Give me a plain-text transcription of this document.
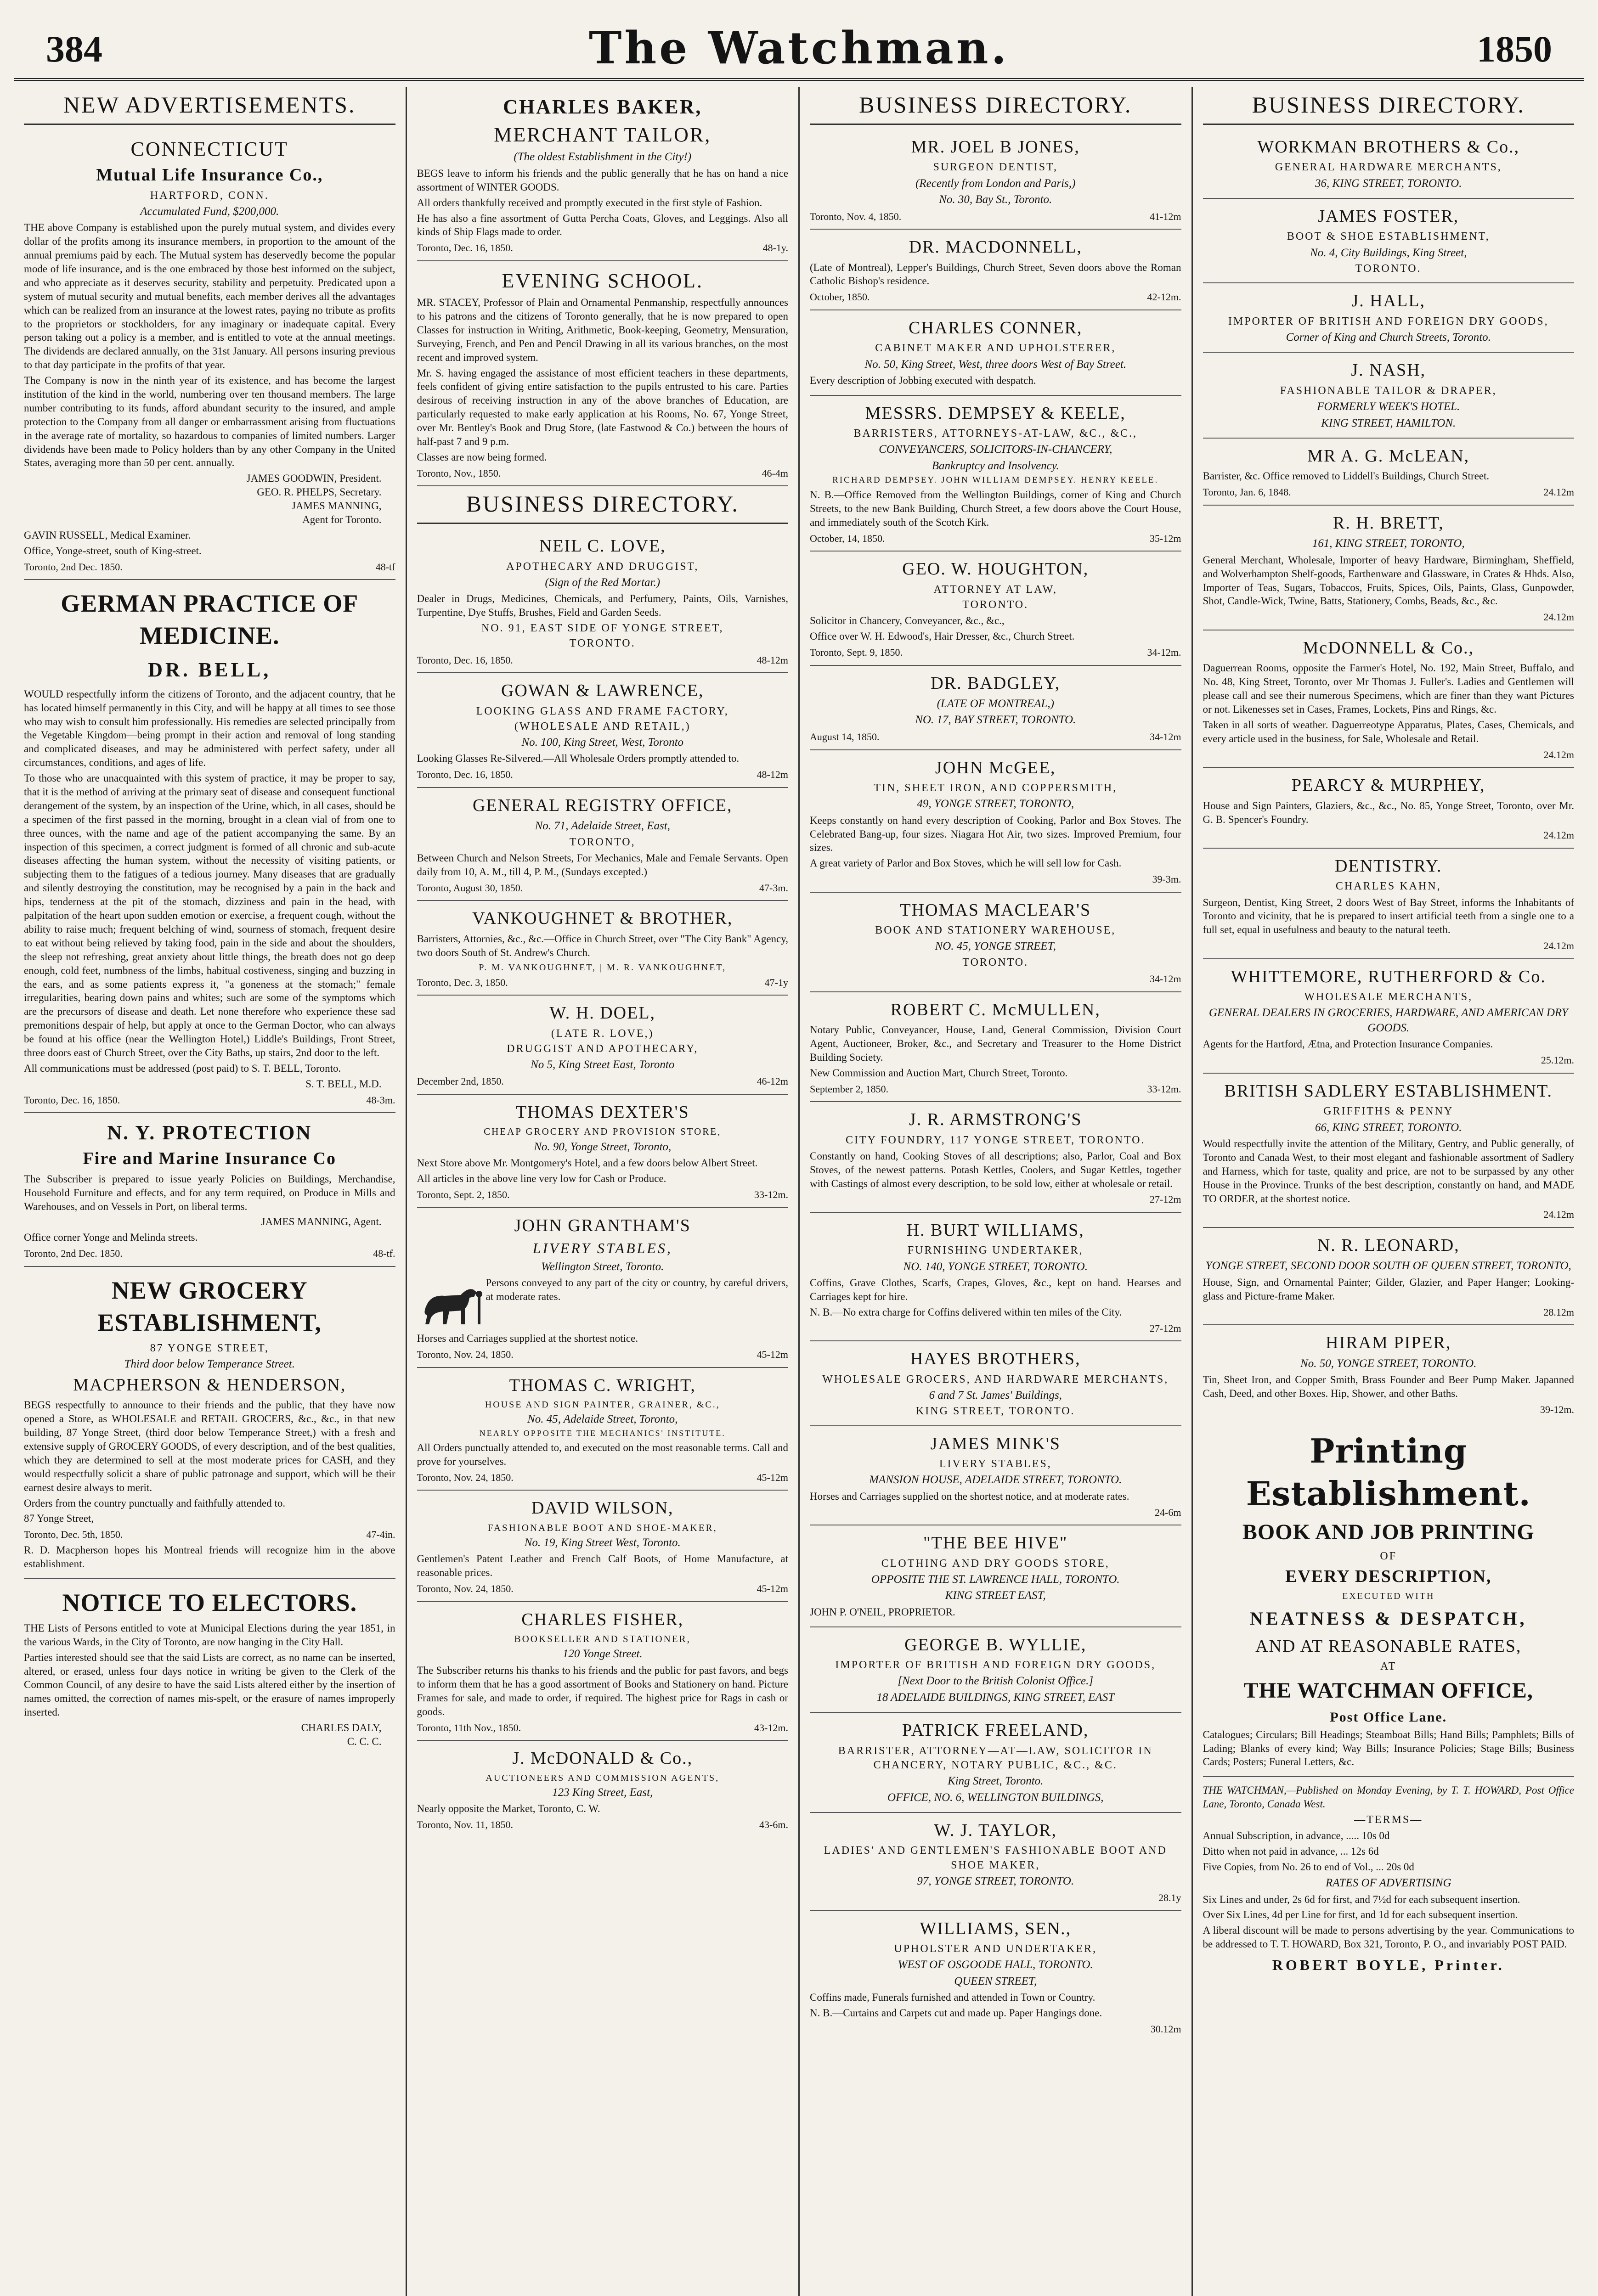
384	The Watchman.	1850
NEW ADVERTISEMENTS.
CONNECTICUT
Mutual Life Insurance Co.,
HARTFORD, CONN.
Accumulated Fund, $200,000.
THE above Company is established upon the purely mutual system, and divides every dollar of the profits among its insurance members, in proportion to the amount of the annual premiums paid by each. The Mutual system has deservedly become the popular mode of life insurance, and is the one embraced by those best informed on the subject, and who appreciate as it deserves security, stability and perpetuity. Predicated upon a system of mutual security and mutual benefits, each member derives all the advantages which can be realized from an insurance at the lowest rates, paying no tribute as profits to the proprietors or stockholders, for any imaginary or inadequate capital. Every person taking out a policy is a member, and is entitled to vote at the annual meetings. The dividends are declared annually, on the 31st January. All persons insuring previous to that day participate in the profits of that year.
The Company is now in the ninth year of its existence, and has become the largest institution of the kind in the world, numbering over ten thousand members. The large number contributing to its funds, afford abundant security to the insured, and ample protection to the Company from all danger or embarrassment arising from fluctuations in the average rate of mortality, so hazardous to companies of limited numbers. Larger dividends have been made to Policy holders than by any other Company in the United States, averaging more than 50 per cent. annually.
JAMES GOODWIN, President.
GEO. R. PHELPS, Secretary.
JAMES MANNING,
Agent for Toronto.
GAVIN RUSSELL, Medical Examiner.
Office, Yonge-street, south of King-street.
Toronto, 2nd Dec. 1850.	48-tf
GERMAN PRACTICE OF MEDICINE.
DR. BELL,
WOULD respectfully inform the citizens of Toronto, and the adjacent country, that he has located himself permanently in this City, and will be happy at all times to see those who may wish to consult him professionally. His remedies are selected principally from the Vegetable Kingdom—being prompt in their action and removal of long standing and complicated diseases, and may be administered with perfect safety, under all circumstances, conditions, and ages of life.
To those who are unacquainted with this system of practice, it may be proper to say, that it is the method of arriving at the primary seat of disease and consequent functional derangement of the system, by an inspection of the Urine, which, in all cases, should be a specimen of the first passed in the morning, brought in a clean vial of from one to three ounces, with the name and age of the patient accompanying the same. By an inspection of this specimen, a correct judgment is formed of all chronic and sub-acute diseases affecting the human system, without the necessity of visiting patients, or subjecting them to the fatigues of a tedious journey. Many diseases that are gradually and silently destroying the constitution, may be recognised by a pain in the back and hips, tenderness at the pit of the stomach, dizziness and pain in the head, with palpitation of the heart upon sudden emotion or exercise, a frequent cough, without the ability to raise much; frequent belching of wind, sourness of stomach, frequent desire to eat without being relieved by taking food, pain in the side and about the shoulders, the sleep not refreshing, great anxiety about little things, the breath does not go deep enough, cold feet, numbness of the limbs, habitual costiveness, singing and buzzing in the ears, and as some patients express it, "a goneness at the stomach;" female irregularities, bearing down pains and whites; such are some of the symptoms which are the precursors of disease and death. Let none therefore who experience these sad premonitions despair of help, but apply at once to the German Doctor, who can always be found at his office (near the Wellington Hotel,) Liddle's Buildings, Front Street, three doors east of Church Street, over the City Baths, up stairs, 2nd door to the left.
All communications must be addressed (post paid) to S. T. BELL, Toronto.
S. T. BELL, M.D.
Toronto, Dec. 16, 1850.	48-3m.
N. Y. PROTECTION
Fire and Marine Insurance Co
The Subscriber is prepared to issue yearly Policies on Buildings, Merchandise, Household Furniture and effects, and for any term required, on Produce in Mills and Warehouses, and on Vessels in Port, on liberal terms.
JAMES MANNING, Agent.
Office corner Yonge and Melinda streets.
Toronto, 2nd Dec. 1850.	48-tf.
NEW GROCERY ESTABLISHMENT,
87 YONGE STREET,
Third door below Temperance Street.
MACPHERSON & HENDERSON,
BEGS respectfully to announce to their friends and the public, that they have now opened a Store, as WHOLESALE and RETAIL GROCERS, &c., &c., in that new building, 87 Yonge Street, (third door below Temperance Street,) with a fresh and extensive supply of GROCERY GOODS, of every description, and of the best qualities, which they are determined to sell at the most moderate prices for CASH, and they would respectfully solicit a share of public patronage and support, which will be their earnest desire always to merit.
Orders from the country punctually and faithfully attended to.
87 Yonge Street,
Toronto, Dec. 5th, 1850.	47-4in.
R. D. Macpherson hopes his Montreal friends will recognize him in the above establishment.
NOTICE TO ELECTORS.
THE Lists of Persons entitled to vote at Municipal Elections during the year 1851, in the various Wards, in the City of Toronto, are now hanging in the City Hall.
Parties interested should see that the said Lists are correct, as no name can be inserted, altered, or erased, unless four days notice in writing be given to the Clerk of the Common Council, of any desire to have the said Lists altered either by the insertion of names omitted, the correction of names mis-spelt, or the erasure of names improperly inserted.
CHARLES DALY,
C. C. C.
CHARLES BAKER,
MERCHANT TAILOR,
(The oldest Establishment in the City!)
BEGS leave to inform his friends and the public generally that he has on hand a nice assortment of WINTER GOODS.
All orders thankfully received and promptly executed in the first style of Fashion.
He has also a fine assortment of Gutta Percha Coats, Gloves, and Leggings. Also all kinds of Ship Flags made to order.
Toronto, Dec. 16, 1850.	48-1y.
EVENING SCHOOL.
MR. STACEY, Professor of Plain and Ornamental Penmanship, respectfully announces to his patrons and the citizens of Toronto generally, that he is now prepared to open Classes for instruction in Writing, Arithmetic, Book-keeping, Geometry, Mensuration, Surveying, French, and Pen and Pencil Drawing in all its various branches, on the most recent and improved system.
Mr. S. having engaged the assistance of most efficient teachers in these departments, feels confident of giving entire satisfaction to the pupils entrusted to his care. Parties desirous of receiving instruction in any of the above branches of Education, are particularly requested to make early application at his Rooms, No. 67, Yonge Street, over Mr. Bentley's Book and Drug Store, (late Eastwood & Co.) between the hours of half-past 7 and 9 p.m.
Classes are now being formed.
Toronto, Nov., 1850.	46-4m
BUSINESS DIRECTORY.
NEIL C. LOVE,
APOTHECARY AND DRUGGIST,
(Sign of the Red Mortar.)
Dealer in Drugs, Medicines, Chemicals, and Perfumery, Paints, Oils, Varnishes, Turpentine, Dye Stuffs, Brushes, Field and Garden Seeds.
NO. 91, EAST SIDE OF YONGE STREET,
TORONTO.
Toronto, Dec. 16, 1850.	48-12m
GOWAN & LAWRENCE,
LOOKING GLASS AND FRAME FACTORY,
(WHOLESALE AND RETAIL,)
No. 100, King Street, West, Toronto
Looking Glasses Re-Silvered.—All Wholesale Orders promptly attended to.
Toronto, Dec. 16, 1850.	48-12m
GENERAL REGISTRY OFFICE,
No. 71, Adelaide Street, East,
TORONTO,
Between Church and Nelson Streets, For Mechanics, Male and Female Servants. Open daily from 10, A. M., till 4, P. M., (Sundays excepted.)
Toronto, August 30, 1850.	47-3m.
VANKOUGHNET & BROTHER,
Barristers, Attornies, &c., &c.—Office in Church Street, over "The City Bank" Agency, two doors South of St. Andrew's Church.
P. M. VANKOUGHNET, | M. R. VANKOUGHNET,
Toronto, Dec. 3, 1850.	47-1y
W. H. DOEL,
(LATE R. LOVE,)
DRUGGIST AND APOTHECARY,
No 5, King Street East, Toronto
December 2nd, 1850.	46-12m
THOMAS DEXTER'S
CHEAP GROCERY AND PROVISION STORE,
No. 90, Yonge Street, Toronto,
Next Store above Mr. Montgomery's Hotel, and a few doors below Albert Street.
All articles in the above line very low for Cash or Produce.
Toronto, Sept. 2, 1850.	33-12m.
JOHN GRANTHAM'S
LIVERY STABLES,
Wellington Street, Toronto.
Persons conveyed to any part of the city or country, by careful drivers, at moderate rates.
Horses and Carriages supplied at the shortest notice.
Toronto, Nov. 24, 1850.	45-12m
THOMAS C. WRIGHT,
HOUSE AND SIGN PAINTER, GRAINER, &C.,
No. 45, Adelaide Street, Toronto,
NEARLY OPPOSITE THE MECHANICS' INSTITUTE.
All Orders punctually attended to, and executed on the most reasonable terms. Call and prove for yourselves.
Toronto, Nov. 24, 1850.	45-12m
DAVID WILSON,
FASHIONABLE BOOT AND SHOE-MAKER,
No. 19, King Street West, Toronto.
Gentlemen's Patent Leather and French Calf Boots, of Home Manufacture, at reasonable prices.
Toronto, Nov. 24, 1850.	45-12m
CHARLES FISHER,
BOOKSELLER AND STATIONER,
120 Yonge Street.
The Subscriber returns his thanks to his friends and the public for past favors, and begs to inform them that he has a good assortment of Books and Stationery on hand. Picture Frames for sale, and made to order, if required. The highest price for Rags in cash or goods.
Toronto, 11th Nov., 1850.	43-12m.
J. McDONALD & Co.,
AUCTIONEERS AND COMMISSION AGENTS,
123 King Street, East,
Nearly opposite the Market, Toronto, C. W.
Toronto, Nov. 11, 1850.	43-6m.
BUSINESS DIRECTORY.
MR. JOEL B JONES,
SURGEON DENTIST,
(Recently from London and Paris,)
No. 30, Bay St., Toronto.
Toronto, Nov. 4, 1850.	41-12m
DR. MACDONNELL,
(Late of Montreal), Lepper's Buildings, Church Street, Seven doors above the Roman Catholic Bishop's residence.
October, 1850.	42-12m.
CHARLES CONNER,
CABINET MAKER AND UPHOLSTERER,
No. 50, King Street, West, three doors West of Bay Street.
Every description of Jobbing executed with despatch.
MESSRS. DEMPSEY & KEELE,
BARRISTERS, ATTORNEYS-AT-LAW, &C., &C.,
CONVEYANCERS, SOLICITORS-IN-CHANCERY,
Bankruptcy and Insolvency.
RICHARD DEMPSEY. JOHN WILLIAM DEMPSEY. HENRY KEELE.
N. B.—Office Removed from the Wellington Buildings, corner of King and Church Streets, to the new Bank Building, Church Street, a few doors above the Court House, and immediately south of the Scotch Kirk.
October, 14, 1850.	35-12m
GEO. W. HOUGHTON,
ATTORNEY AT LAW,
TORONTO.
Solicitor in Chancery, Conveyancer, &c., &c.,
Office over W. H. Edwood's, Hair Dresser, &c., Church Street.
Toronto, Sept. 9, 1850.	34-12m.
DR. BADGLEY,
(LATE OF MONTREAL,)
NO. 17, BAY STREET, TORONTO.
August 14, 1850.	34-12m
JOHN McGEE,
TIN, SHEET IRON, AND COPPERSMITH,
49, YONGE STREET, TORONTO,
Keeps constantly on hand every description of Cooking, Parlor and Box Stoves. The Celebrated Bang-up, four sizes. Niagara Hot Air, two sizes. Improved Premium, four sizes.
A great variety of Parlor and Box Stoves, which he will sell low for Cash.
39-3m.
THOMAS MACLEAR'S
BOOK AND STATIONERY WAREHOUSE,
NO. 45, YONGE STREET,
TORONTO.
34-12m
ROBERT C. McMULLEN,
Notary Public, Conveyancer, House, Land, General Commission, Division Court Agent, Auctioneer, Broker, &c., and Secretary and Treasurer to the Home District Building Society.
New Commission and Auction Mart, Church Street, Toronto.
September 2, 1850.	33-12m.
J. R. ARMSTRONG'S
CITY FOUNDRY, 117 YONGE STREET, TORONTO.
Constantly on hand, Cooking Stoves of all descriptions; also, Parlor, Coal and Box Stoves, of the newest patterns. Potash Kettles, Coolers, and Sugar Kettles, together with Castings of almost every description, to be sold low, either at wholesale or retail.
27-12m
H. BURT WILLIAMS,
FURNISHING UNDERTAKER,
NO. 140, YONGE STREET, TORONTO.
Coffins, Grave Clothes, Scarfs, Crapes, Gloves, &c., kept on hand. Hearses and Carriages kept for hire.
N. B.—No extra charge for Coffins delivered within ten miles of the City.
27-12m
HAYES BROTHERS,
WHOLESALE GROCERS, AND HARDWARE MERCHANTS,
6 and 7 St. James' Buildings,
KING STREET, TORONTO.
JAMES MINK'S
LIVERY STABLES,
MANSION HOUSE, ADELAIDE STREET, TORONTO.
Horses and Carriages supplied on the shortest notice, and at moderate rates.
24-6m
"THE BEE HIVE"
CLOTHING AND DRY GOODS STORE,
OPPOSITE THE ST. LAWRENCE HALL, TORONTO.
KING STREET EAST,
JOHN P. O'NEIL, PROPRIETOR.
GEORGE B. WYLLIE,
IMPORTER OF BRITISH AND FOREIGN DRY GOODS,
[Next Door to the British Colonist Office.]
18 ADELAIDE BUILDINGS, KING STREET, EAST
PATRICK FREELAND,
BARRISTER, ATTORNEY—AT—LAW, SOLICITOR IN CHANCERY, NOTARY PUBLIC, &C., &C.
King Street, Toronto.
OFFICE, NO. 6, WELLINGTON BUILDINGS,
W. J. TAYLOR,
LADIES' AND GENTLEMEN'S FASHIONABLE BOOT AND SHOE MAKER,
97, YONGE STREET, TORONTO.
28.1y
WILLIAMS, SEN.,
UPHOLSTER AND UNDERTAKER,
WEST OF OSGOODE HALL, TORONTO.
QUEEN STREET,
Coffins made, Funerals furnished and attended in Town or Country.
N. B.—Curtains and Carpets cut and made up. Paper Hangings done.
30.12m
BUSINESS DIRECTORY.
WORKMAN BROTHERS & Co.,
GENERAL HARDWARE MERCHANTS,
36, KING STREET, TORONTO.
JAMES FOSTER,
BOOT & SHOE ESTABLISHMENT,
No. 4, City Buildings, King Street,
TORONTO.
J. HALL,
IMPORTER OF BRITISH AND FOREIGN DRY GOODS,
Corner of King and Church Streets, Toronto.
J. NASH,
FASHIONABLE TAILOR & DRAPER,
FORMERLY WEEK'S HOTEL.
KING STREET, HAMILTON.
MR A. G. McLEAN,
Barrister, &c. Office removed to Liddell's Buildings, Church Street.
Toronto, Jan. 6, 1848.	24.12m
R. H. BRETT,
161, KING STREET, TORONTO,
General Merchant, Wholesale, Importer of heavy Hardware, Birmingham, Sheffield, and Wolverhampton Shelf-goods, Earthenware and Glassware, in Crates & Hhds. Also, Importer of Teas, Sugars, Tobaccos, Fruits, Spices, Oils, Paints, Glass, Gunpowder, Shot, Candle-Wick, Twine, Batts, Stationery, Combs, Beads, &c., &c.
24.12m
McDONNELL & Co.,
Daguerrean Rooms, opposite the Farmer's Hotel, No. 192, Main Street, Buffalo, and No. 48, King Street, Toronto, over Mr Thomas J. Fuller's. Ladies and Gentlemen will please call and see their numerous Specimens, which are finer than they want Pictures or not. Likenesses set in Cases, Frames, Lockets, Pins and Rings, &c.
Taken in all sorts of weather. Daguerreotype Apparatus, Plates, Cases, Chemicals, and every article used in the business, for Sale, Wholesale and Retail.
24.12m
PEARCY & MURPHEY,
House and Sign Painters, Glaziers, &c., &c., No. 85, Yonge Street, Toronto, over Mr. G. B. Spencer's Foundry.
24.12m
DENTISTRY.
CHARLES KAHN,
Surgeon, Dentist, King Street, 2 doors West of Bay Street, informs the Inhabitants of Toronto and vicinity, that he is prepared to insert artificial teeth from a single one to a full set, equal in usefulness and beauty to the natural teeth.
24.12m
WHITTEMORE, RUTHERFORD & Co.
WHOLESALE MERCHANTS,
GENERAL DEALERS IN GROCERIES, HARDWARE, AND AMERICAN DRY GOODS.
Agents for the Hartford, Ætna, and Protection Insurance Companies.
25.12m.
BRITISH SADLERY ESTABLISHMENT.
GRIFFITHS & PENNY
66, KING STREET, TORONTO.
Would respectfully invite the attention of the Military, Gentry, and Public generally, of Toronto and Canada West, to their most elegant and fashionable assortment of Sadlery and Harness, which for taste, quality and price, are not to be surpassed by any other House in the Province. Trunks of the best description, constantly on hand, and MADE TO ORDER, at the shortest notice.
24.12m
N. R. LEONARD,
YONGE STREET, SECOND DOOR SOUTH OF QUEEN STREET, TORONTO,
House, Sign, and Ornamental Painter; Gilder, Glazier, and Paper Hanger; Looking-glass and Picture-frame Maker.
28.12m
HIRAM PIPER,
No. 50, YONGE STREET, TORONTO.
Tin, Sheet Iron, and Copper Smith, Brass Founder and Beer Pump Maker. Japanned Cash, Deed, and other Boxes. Hip, Shower, and other Baths.
39-12m.
Printing Establishment.
BOOK AND JOB PRINTING
OF
EVERY DESCRIPTION,
EXECUTED WITH
NEATNESS & DESPATCH,
AND AT REASONABLE RATES,
AT
THE WATCHMAN OFFICE,
Post Office Lane.
Catalogues; Circulars; Bill Headings; Steamboat Bills; Hand Bills; Pamphlets; Bills of Lading; Blanks of every kind; Way Bills; Insurance Policies; Stage Bills; Business Cards; Posters; Funeral Letters, &c.
THE WATCHMAN,—Published on Monday Evening, by T. T. HOWARD, Post Office Lane, Toronto, Canada West.
—TERMS—
Annual Subscription, in advance, ..... 10s 0d
Ditto when not paid in advance, ... 12s 6d
Five Copies, from No. 26 to end of Vol., ... 20s 0d
RATES OF ADVERTISING
Six Lines and under, 2s 6d for first, and 7½d for each subsequent insertion.
Over Six Lines, 4d per Line for first, and 1d for each subsequent insertion.
A liberal discount will be made to persons advertising by the year. Communications to be addressed to T. T. HOWARD, Box 321, Toronto, P. O., and invariably POST PAID.
ROBERT BOYLE, Printer.
